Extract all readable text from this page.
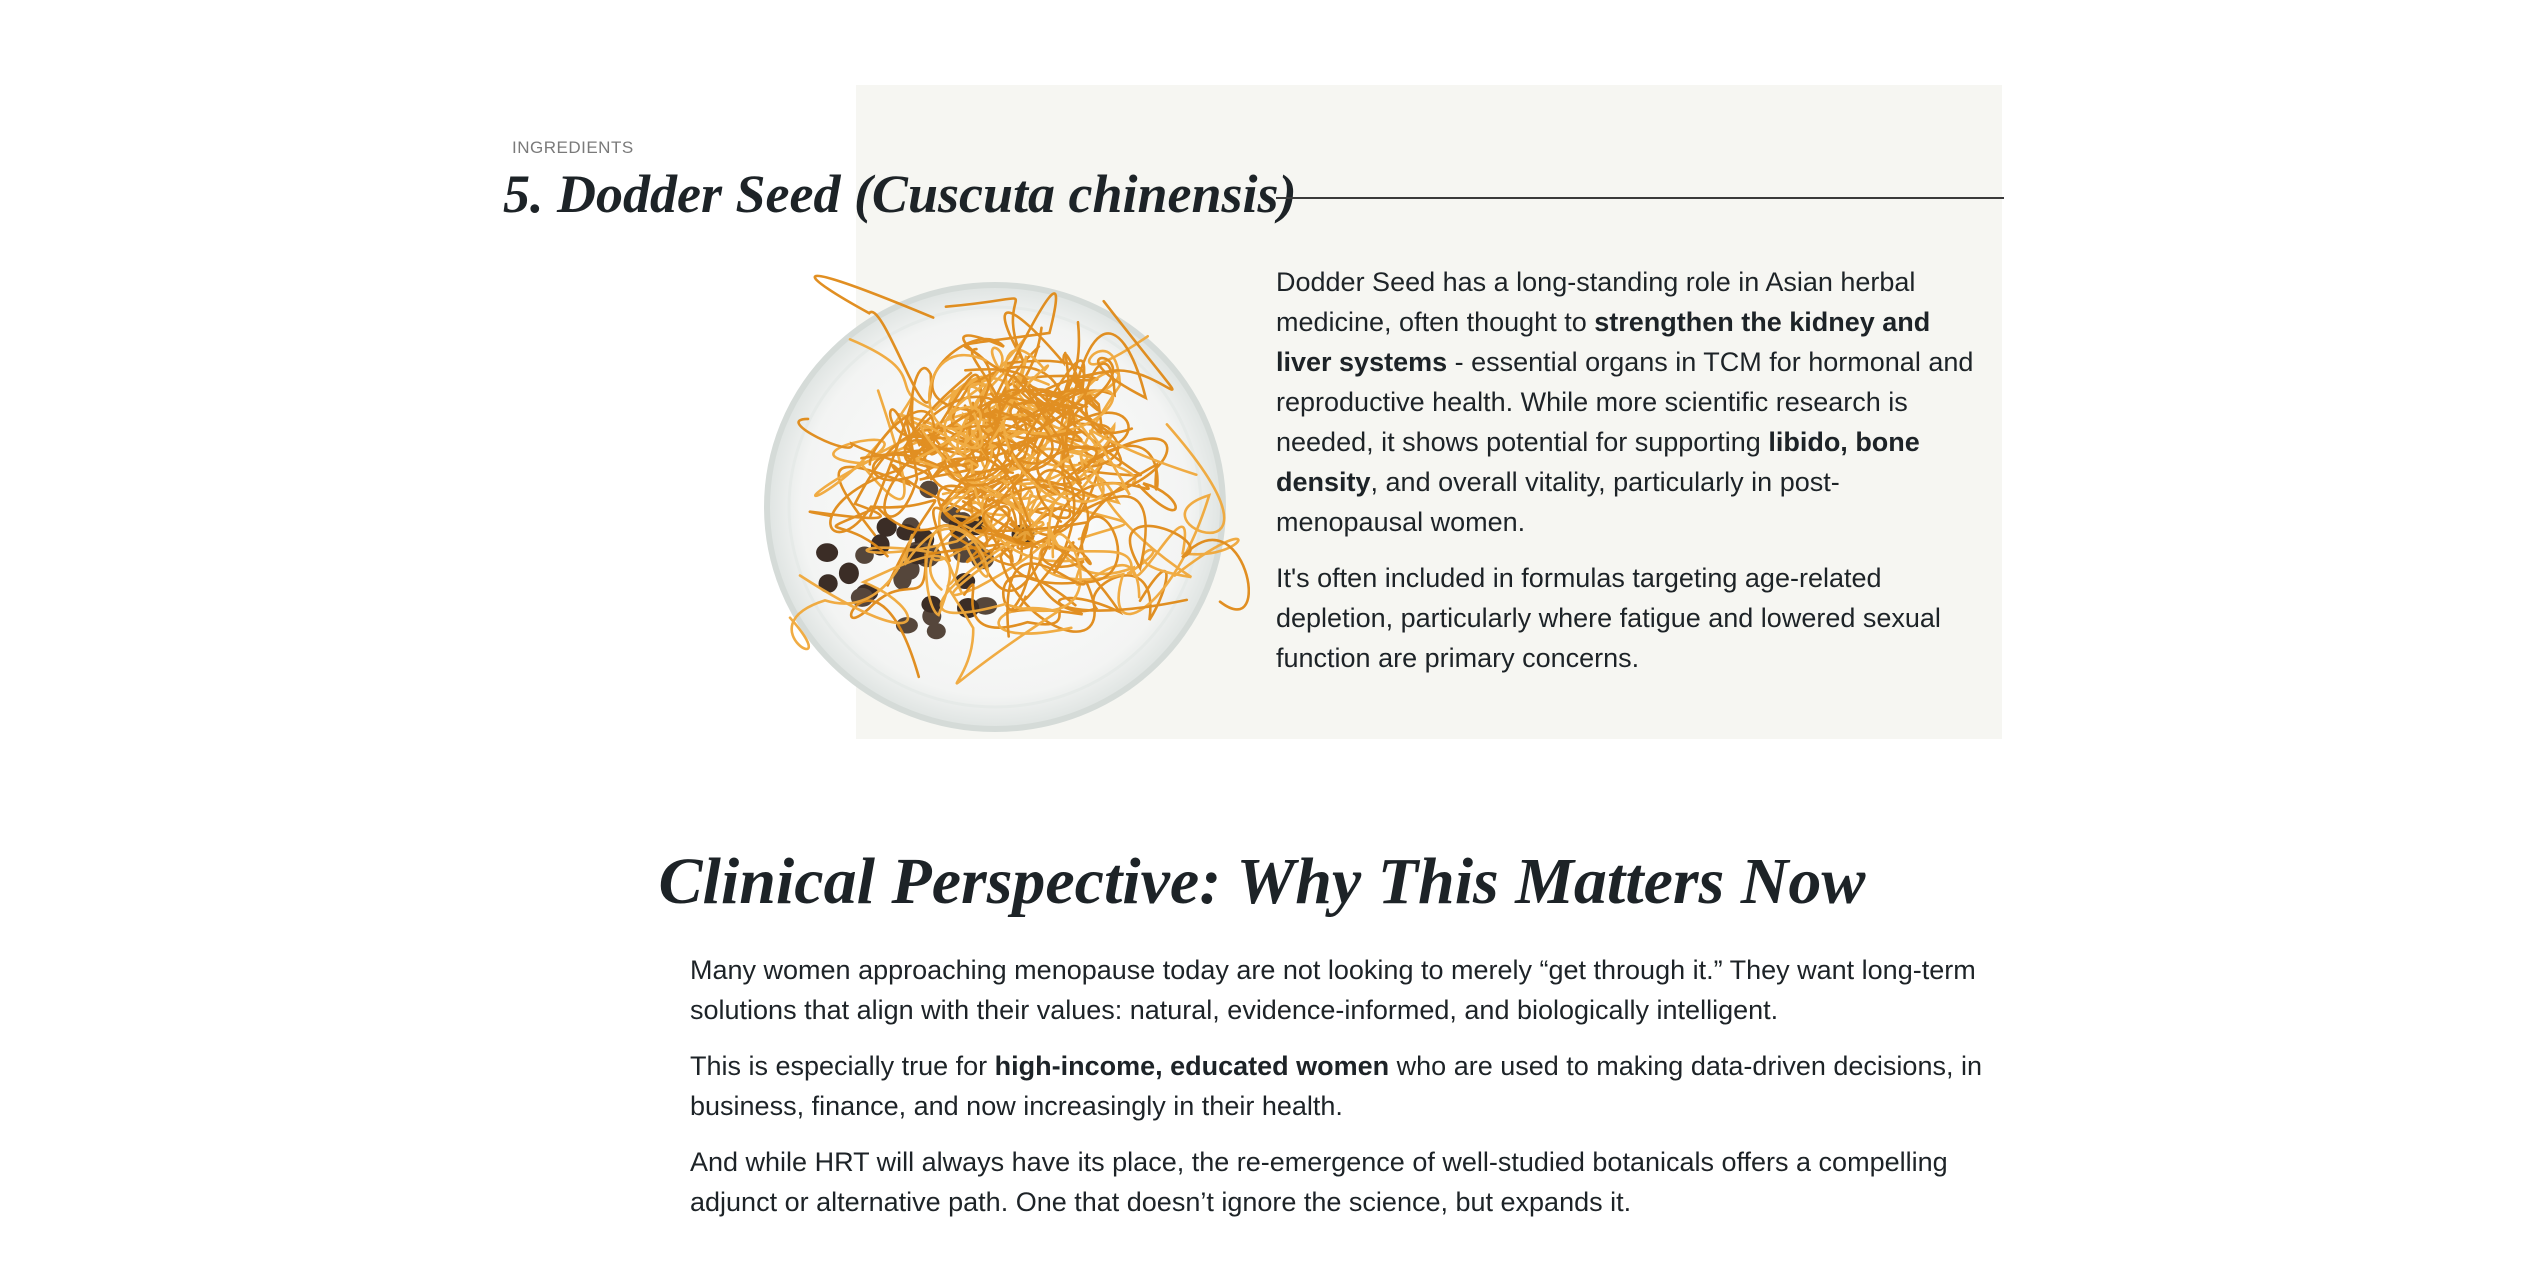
INGREDIENTS
5. Dodder Seed (Cuscuta chinensis)

Dodder Seed has a long-standing role in Asian herbal medicine, often thought to strengthen the kidney and liver systems - essential organs in TCM for hormonal and reproductive health. While more scientific research is needed, it shows potential for supporting libido, bone density, and overall vitality, particularly in post-menopausal women.

It's often included in formulas targeting age-related depletion, particularly where fatigue and lowered sexual function are primary concerns.

Clinical Perspective: Why This Matters Now

Many women approaching menopause today are not looking to merely “get through it.” They want long-term solutions that align with their values: natural, evidence-informed, and biologically intelligent.

This is especially true for high-income, educated women who are used to making data-driven decisions, in business, finance, and now increasingly in their health.

And while HRT will always have its place, the re-emergence of well-studied botanicals offers a compelling adjunct or alternative path. One that doesn’t ignore the science, but expands it.
